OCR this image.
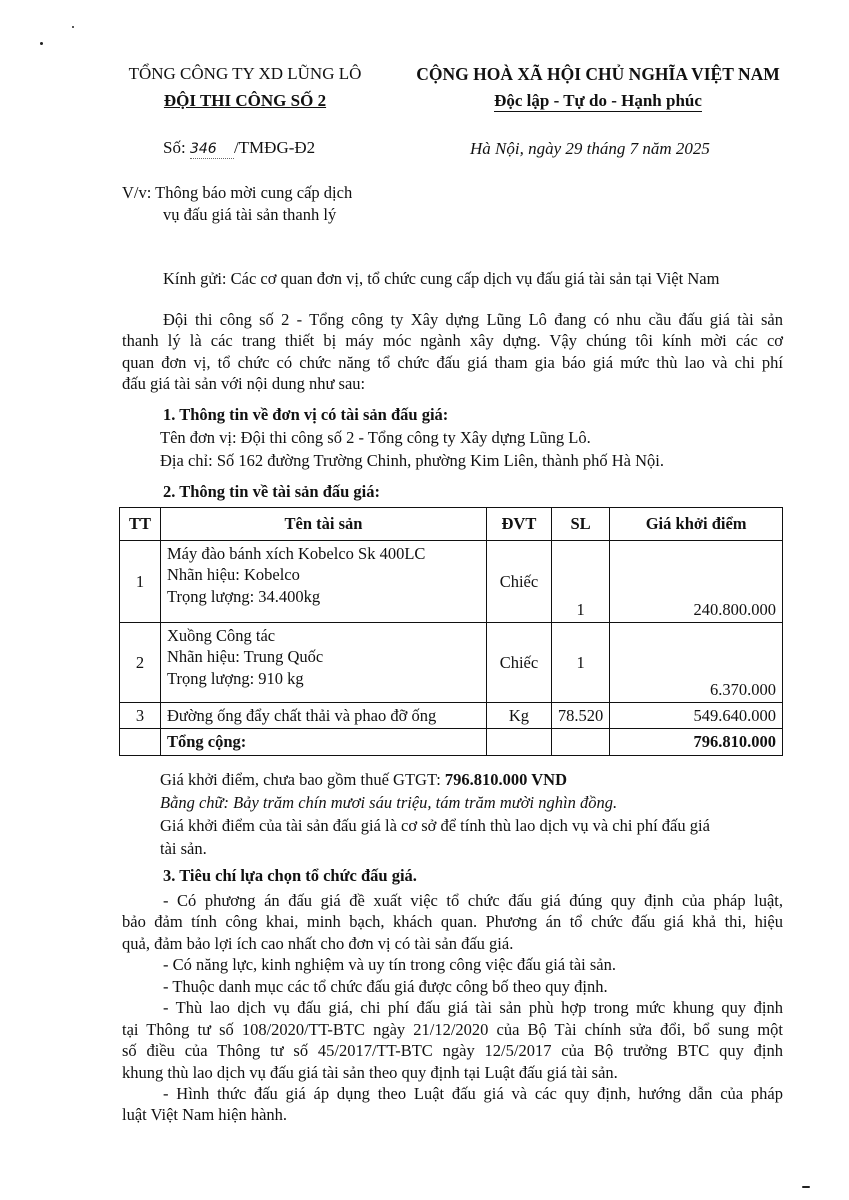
TỔNG CÔNG TY XD LŨNG LÔ
ĐỘI THI CÔNG SỐ 2
CỘNG HOÀ XÃ HỘI CHỦ NGHĨA VIỆT NAM
Độc lập - Tự do - Hạnh phúc
Số: 346 /TMĐG-Đ2	Hà Nội, ngày 29 tháng 7 năm 2025
V/v: Thông báo mời cung cấp dịch
vụ đấu giá tài sản thanh lý
Kính gửi: Các cơ quan đơn vị, tổ chức cung cấp dịch vụ đấu giá tài sản tại Việt Nam
Đội thi công số 2 - Tổng công ty Xây dựng Lũng Lô đang có nhu cầu đấu giá tài sản
thanh lý là các trang thiết bị máy móc ngành xây dựng. Vậy chúng tôi kính mời các cơ
quan đơn vị, tổ chức có chức năng tổ chức đấu giá tham gia báo giá mức thù lao và chi phí
đấu giá tài sản với nội dung như sau:
1. Thông tin về đơn vị có tài sản đấu giá:
Tên đơn vị: Đội thi công số 2 - Tổng công ty Xây dựng Lũng Lô.
Địa chỉ: Số 162 đường Trường Chinh, phường Kim Liên, thành phố Hà Nội.
2. Thông tin về tài sản đấu giá:
TT	Tên tài sản	ĐVT	SL	Giá khởi điểm
1	Máy đào bánh xích Kobelco Sk 400LC
Nhãn hiệu: Kobelco
Trọng lượng: 34.400kg	Chiếc	1	240.800.000
2	Xuồng Công tác
Nhãn hiệu: Trung Quốc
Trọng lượng: 910 kg	Chiếc	1	6.370.000
3	Đường ống đẩy chất thải và phao đỡ ống	Kg	78.520	549.640.000
	Tổng cộng:			796.810.000
Giá khởi điểm, chưa bao gồm thuế GTGT: 796.810.000 VND
Bằng chữ: Bảy trăm chín mươi sáu triệu, tám trăm mười nghìn đồng.
Giá khởi điểm của tài sản đấu giá là cơ sở để tính thù lao dịch vụ và chi phí đấu giá
tài sản.
3. Tiêu chí lựa chọn tổ chức đấu giá.
- Có phương án đấu giá đề xuất việc tổ chức đấu giá đúng quy định của pháp luật,
bảo đảm tính công khai, minh bạch, khách quan. Phương án tổ chức đấu giá khả thi, hiệu
quả, đảm bảo lợi ích cao nhất cho đơn vị có tài sản đấu giá.
- Có năng lực, kinh nghiệm và uy tín trong công việc đấu giá tài sản.
- Thuộc danh mục các tổ chức đấu giá được công bố theo quy định.
- Thù lao dịch vụ đấu giá, chi phí đấu giá tài sản phù hợp trong mức khung quy định
tại Thông tư số 108/2020/TT-BTC ngày 21/12/2020 của Bộ Tài chính sửa đổi, bổ sung một
số điều của Thông tư số 45/2017/TT-BTC ngày 12/5/2017 của Bộ trưởng BTC quy định
khung thù lao dịch vụ đấu giá tài sản theo quy định tại Luật đấu giá tài sản.
- Hình thức đấu giá áp dụng theo Luật đấu giá và các quy định, hướng dẫn của pháp
luật Việt Nam hiện hành.
